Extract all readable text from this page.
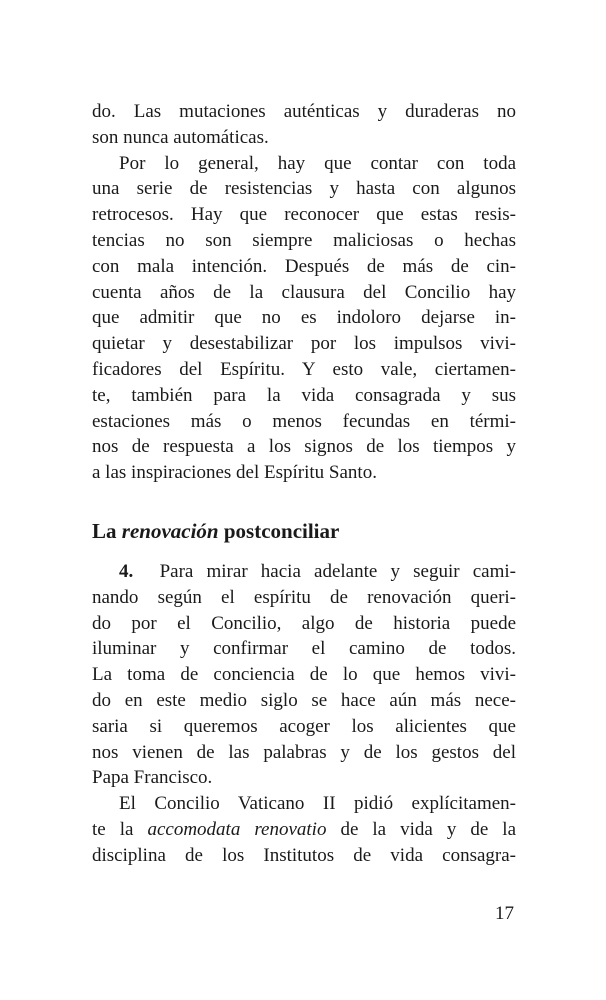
do. Las mutaciones auténticas y duraderas no
son nunca automáticas.
Por lo general, hay que contar con toda
una serie de resistencias y hasta con algunos
retrocesos. Hay que reconocer que estas resis-
tencias no son siempre maliciosas o hechas
con mala intención. Después de más de cin-
cuenta años de la clausura del Concilio hay
que admitir que no es indoloro dejarse in-
quietar y desestabilizar por los impulsos vivi-
ficadores del Espíritu. Y esto vale, ciertamen-
te, también para la vida consagrada y sus
estaciones más o menos fecundas en térmi-
nos de respuesta a los signos de los tiempos y
a las inspiraciones del Espíritu Santo.
La renovación postconciliar
4. Para mirar hacia adelante y seguir cami-
nando según el espíritu de renovación queri-
do por el Concilio, algo de historia puede
iluminar y confirmar el camino de todos.
La toma de conciencia de lo que hemos vivi-
do en este medio siglo se hace aún más nece-
saria si queremos acoger los alicientes que
nos vienen de las palabras y de los gestos del
Papa Francisco.
El Concilio Vaticano II pidió explícitamen-
te la accomodata renovatio de la vida y de la
disciplina de los Institutos de vida consagra-
17
